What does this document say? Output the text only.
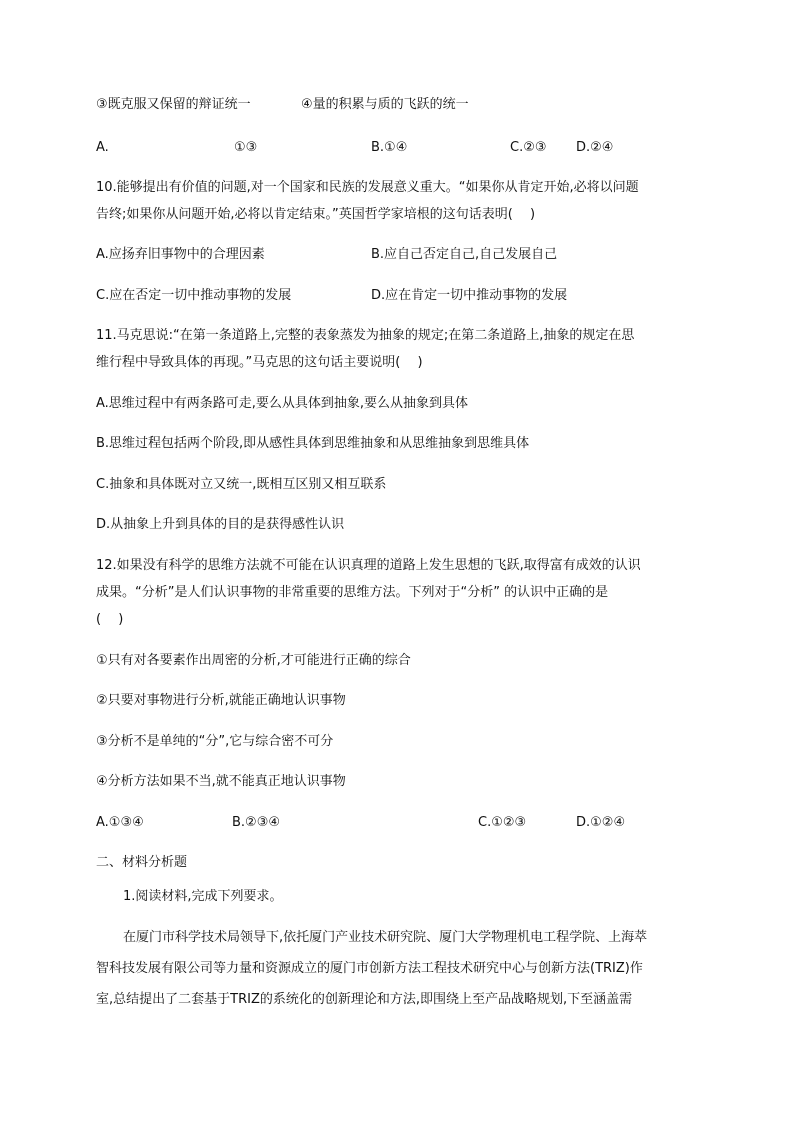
③既克服又保留的辩证统一	④量的积累与质的飞跃的统一
A.	①③	B.①④	C.②③ D.②④
10.能够提出有价值的问题,对一个国家和民族的发展意义重大。“如果你从肯定开始,必将以问题
告终;如果你从问题开始,必将以肯定结束。”英国哲学家培根的这句话表明(　 )
A.应扬弃旧事物中的合理因素	B.应自己否定自己,自己发展自己
C.应在否定一切中推动事物的发展	D.应在肯定一切中推动事物的发展
11.马克思说:“在第一条道路上,完整的表象蒸发为抽象的规定;在第二条道路上,抽象的规定在思
维行程中导致具体的再现。”马克思的这句话主要说明(　 )
A.思维过程中有两条路可走,要么从具体到抽象,要么从抽象到具体
B.思维过程包括两个阶段,即从感性具体到思维抽象和从思维抽象到思维具体
C.抽象和具体既对立又统一,既相互区别又相互联系
D.从抽象上升到具体的目的是获得感性认识
12.如果没有科学的思维方法就不可能在认识真理的道路上发生思想的飞跃,取得富有成效的认识
成果。“分析”是人们认识事物的非常重要的思维方法。下列对于“分析” 的认识中正确的是
(　 )
①只有对各要素作出周密的分析,才可能进行正确的综合
②只要对事物进行分析,就能正确地认识事物
③分析不是单纯的“分”,它与综合密不可分
④分析方法如果不当,就不能真正地认识事物
A.①③④	B.②③④	C.①②③	D.①②④
二、材料分析题
1.阅读材料,完成下列要求。
在厦门市科学技术局领导下,依托厦门产业技术研究院、厦门大学物理机电工程学院、上海萃
智科技发展有限公司等力量和资源成立的厦门市创新方法工程技术研究中心与创新方法(TRIZ)作
室,总结提出了二套基于TRIZ的系统化的创新理论和方法,即围绕上至产品战略规划,下至涵盖需
